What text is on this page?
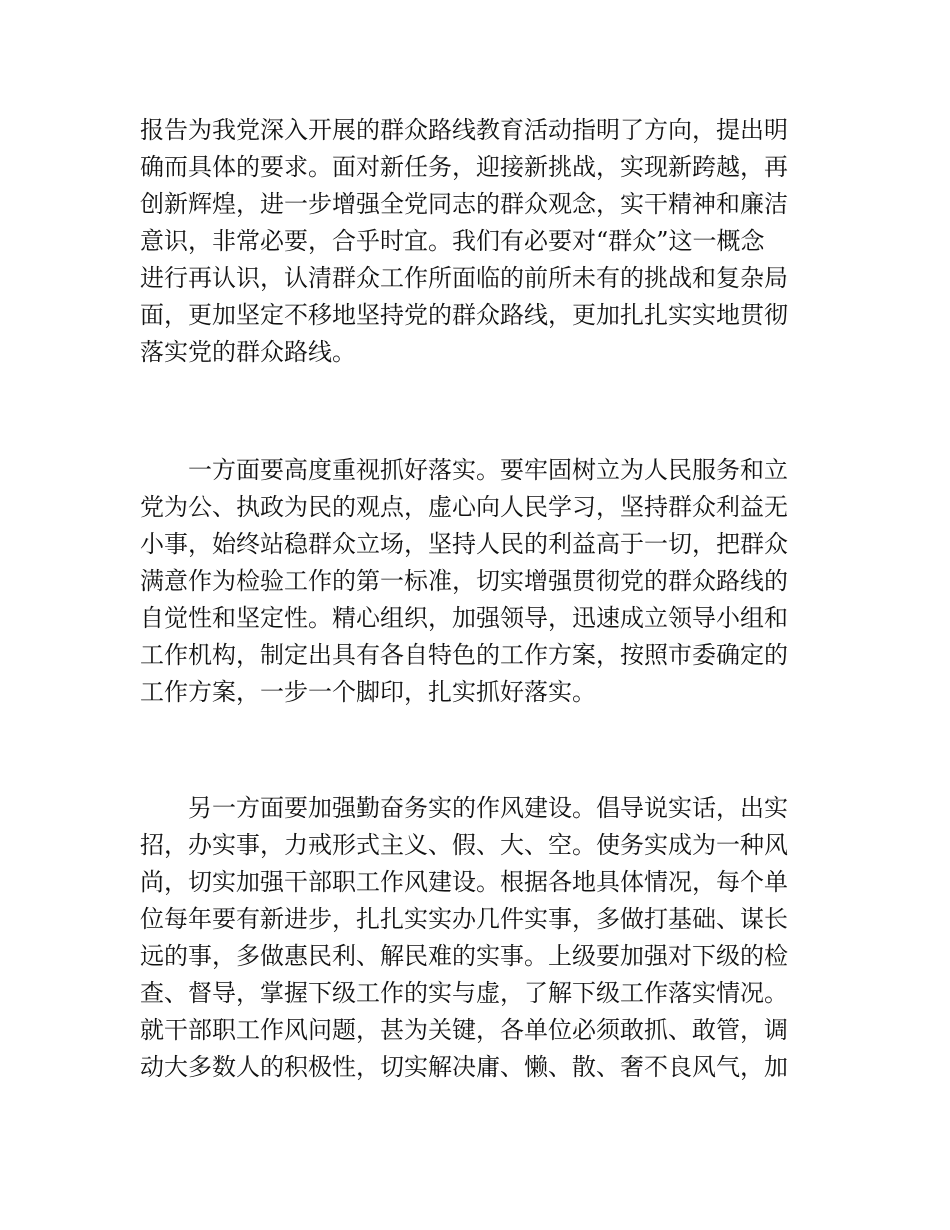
报告为我党深入开展的群众路线教育活动指明了方向，提出明
确而具体的要求。面对新任务，迎接新挑战，实现新跨越，再
创新辉煌，进一步增强全党同志的群众观念，实干精神和廉洁
意识，非常必要，合乎时宜。我们有必要对“群众”这一概念
进行再认识，认清群众工作所面临的前所未有的挑战和复杂局
面，更加坚定不移地坚持党的群众路线，更加扎扎实实地贯彻
落实党的群众路线。
　　一方面要高度重视抓好落实。要牢固树立为人民服务和立
党为公、执政为民的观点，虚心向人民学习，坚持群众利益无
小事，始终站稳群众立场，坚持人民的利益高于一切，把群众
满意作为检验工作的第一标准，切实增强贯彻党的群众路线的
自觉性和坚定性。精心组织，加强领导，迅速成立领导小组和
工作机构，制定出具有各自特色的工作方案，按照市委确定的
工作方案，一步一个脚印，扎实抓好落实。
　　另一方面要加强勤奋务实的作风建设。倡导说实话，出实
招，办实事，力戒形式主义、假、大、空。使务实成为一种风
尚，切实加强干部职工作风建设。根据各地具体情况，每个单
位每年要有新进步，扎扎实实办几件实事，多做打基础、谋长
远的事，多做惠民利、解民难的实事。上级要加强对下级的检
查、督导，掌握下级工作的实与虚，了解下级工作落实情况。
就干部职工作风问题，甚为关键，各单位必须敢抓、敢管，调
动大多数人的积极性，切实解决庸、懒、散、奢不良风气，加
